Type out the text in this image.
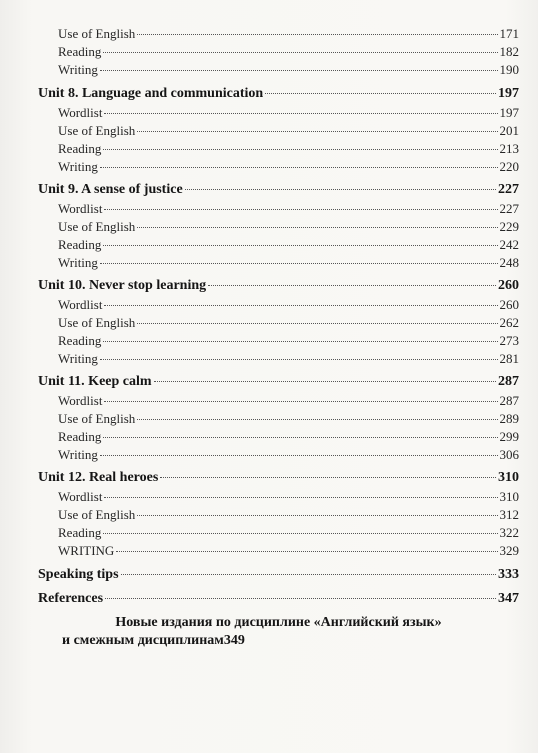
Use of English	171
Reading	182
Writing	190
Unit 8. Language and communication	197
Wordlist	197
Use of English	201
Reading	213
Writing	220
Unit 9. A sense of justice	227
Wordlist	227
Use of English	229
Reading	242
Writing	248
Unit 10. Never stop learning	260
Wordlist	260
Use of English	262
Reading	273
Writing	281
Unit 11. Keep calm	287
Wordlist	287
Use of English	289
Reading	299
Writing	306
Unit 12. Real heroes	310
Wordlist	310
Use of English	312
Reading	322
WRITING	329
Speaking tips	333
References	347
Новые издания по дисциплине «Английский язык»
и смежным дисциплинам 349
